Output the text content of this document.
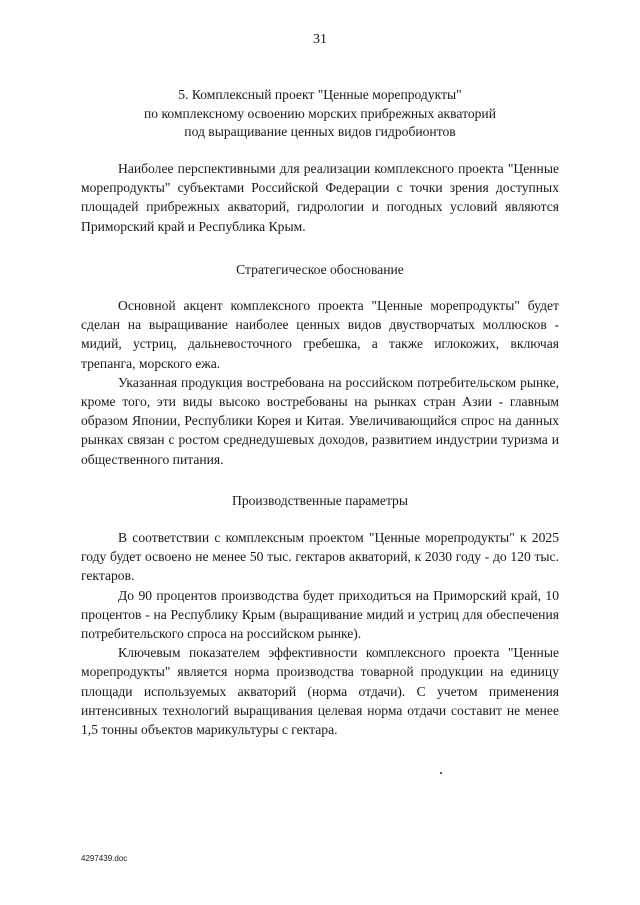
31
5. Комплексный проект "Ценные морепродукты"
по комплексному освоению морских прибрежных акваторий
под выращивание ценных видов гидробионтов

Наиболее перспективными для реализации комплексного проекта "Ценные морепродукты" субъектами Российской Федерации с точки зрения доступных площадей прибрежных акваторий, гидрологии и погодных условий являются Приморский край и Республика Крым.

Стратегическое обоснование

Основной акцент комплексного проекта "Ценные морепродукты" будет сделан на выращивание наиболее ценных видов двустворчатых моллюсков - мидий, устриц, дальневосточного гребешка, а также иглокожих, включая трепанга, морского ежа.

Указанная продукция востребована на российском потребительском рынке, кроме того, эти виды высоко востребованы на рынках стран Азии - главным образом Японии, Республики Корея и Китая. Увеличивающийся спрос на данных рынках связан с ростом среднедушевых доходов, развитием индустрии туризма и общественного питания.

Производственные параметры

В соответствии с комплексным проектом "Ценные морепродукты" к 2025 году будет освоено не менее 50 тыс. гектаров акваторий, к 2030 году - до 120 тыс. гектаров.

До 90 процентов производства будет приходиться на Приморский край, 10 процентов - на Республику Крым (выращивание мидий и устриц для обеспечения потребительского спроса на российском рынке).

Ключевым показателем эффективности комплексного проекта "Ценные морепродукты" является норма производства товарной продукции на единицу площади используемых акваторий (норма отдачи). С учетом применения интенсивных технологий выращивания целевая норма отдачи составит не менее 1,5 тонны объектов марикультуры с гектара.

4297439.doc
